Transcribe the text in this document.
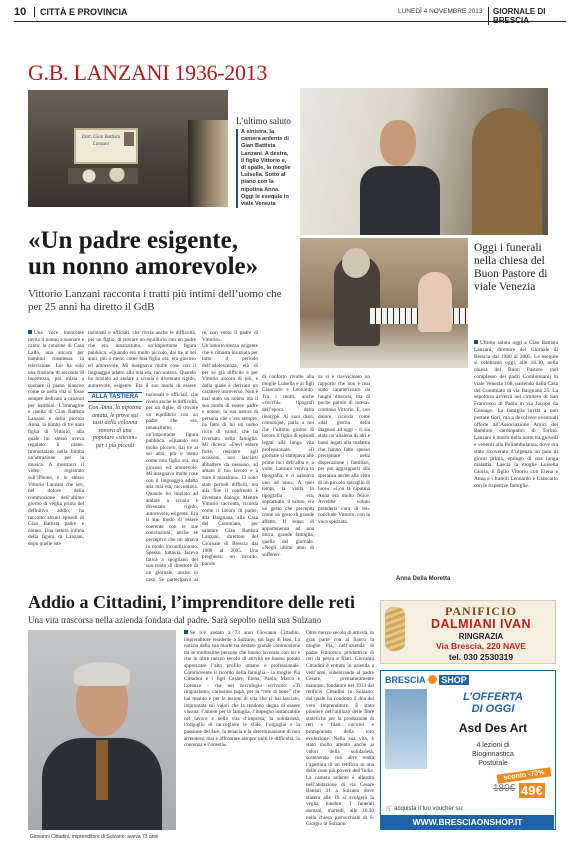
10	CITTÀ E PROVINCIA	LUNEDÌ 4 NOVEMBRE 2013	GIORNALE DI BRESCIA
G.B. LANZANI 1936-2013
Dott. Gian Battista Lanzani
L’ultimo saluto
A sinistra, la camera ardente di Gian Battista Lanzani. A destra, il figlio Vittorio e, di spalle, la moglie Luisella. Sotto al piano con la nipotina Anna. Oggi le esequie in viale Venezia
«Un padre esigente,
un nonno amorevole»
Vittorio Lanzani racconta i tratti più intimi dell’uomo che per 25 anni ha diretto il GdB
Oggi i funerali nella chiesa del Buon Pastore di viale Venezia
Ultimo saluto oggi a Gian Battista Lanzani, direttore del Giornale di Brescia dal 1980 al 2005. Le esequie si celebrano oggi, alle 10.30, nella chiesa del Buon Pastore (nel complesso dei padri Comboniani) in viale Venezia 108, partendo dalla Casa del Commiato di via Bargnana 25. La sepoltura avverrà nel cimitero di San Francesco di Paola in via Jacopo da Gussago. La famiglia invita a non portare fiori, ma a devolvere eventuali offerte all’Associazione Amici dei Bambini cardiopatici di Torino. Lanzani è morto nella notte tra giovedì e venerdì alla Poliambulanza, dove era stato ricoverato d’urgenza un paio di giorni prima, epilogo di una lunga malattia. Lascia la moglie Luisella Gioria, il figlio Vittorio con Elena e Anna e i fratelli Leonardo e Giancarlo con le rispettive famiglie.
Una voce innocente invita il nonno a suonare e canta: la canzone di Casa Lallo, una sitcom per bambini trasmessa in televisione. Lui ha solo una frazione di secondo di incertezza, poi inizia a suonare il piano biancoo come se nella vita si fosse sempre dedicato a canzoni per bambini. L’immagine è quella di Gian Battista Lanzani e della piccola Anna, la bimba di tre anni figlia di Vittorio, alla quale lui stesso aveva regalato il piano. Immortalato nella bimba un’attrazione per la musica. A mostrarci il video, registrato sull’iPhone, è lo stesso Vittorio Lanzani che ieri, nel dolore della commozione dell’ultimo giorno di veglia prima del definitivo addio, ha raccolto alcuni episodi di Gian Battista padre e nonno. Una lettura intima della figura di Lanzani, dopo quelle isti-
ALLA TASTIERA
Con Anna, la nipotina amata, le prove sui tasti della colonna sonora di una popolare «sitcom» per i più piccoli
tuzionali e ufficiali, che rivela anche le difficoltà, per un figlio, di trovare un equilibrio con un padre che era, innanzitutto, un’importante figura pubblica. «Quando ero molto piccolo, dai tre ai sei anni, più o meno come mia figlia ora, era giocoso ed amorevole. Mi insegnava molte cose con il linguaggio adatto alla mia età, raccontava. Quando ho iniziato ad andare a scuola è diventato rigido, autorevole, esigente. Era il suo modo di essere
tuzionali e ufficiali, che rivela anche le difficoltà, per un figlio, di trovare un equilibrio con un padre che era, innanzitutto, un’importante figura pubblica. «Quando ero molto piccolo, dai tre ai sei anni, più o meno come mia figlia ora, era giocoso ed amorevole. Mi insegnava molte cose con il linguaggio adatto alla mia età, raccontava. Quando ho iniziato ad andare a scuola è diventato rigido, autorevole, esigente. Era il suo modo di essere coerente con le sue convinzioni, anche se percepivo che mi amava in modo incondizionato. Spesso, tuttavia, faceva fatica a spogliarsi del suo ruolo di direttore di un giornale, anche in casa. Se partecipavo ai
re, non verso il padre di Vittorio». Un’autorevolezza esigente che è rimasta invariata per tutto il periodo dell’adolescenza, età di per sé già difficile e per Vittorio ancora di più, e dalla quale è derivato un carattere introverso. Non è mai stato un nonno ma il suo modo di essere padre e nonno, la sua natura di persona che c’era sempre, ha fatto di lui un uomo ricco di valori, che ha riversato nella famiglia. Mi diceva: «Devi essere forte, resistere agli scossoni, non lasciarti abbattere da nessuno, ad amare il tuo lavoro e a dare il massimo». Ci sono stati periodi difficili, ma alla fine il confronto è diventato dialogo. Mentre Vittorio racconta, ricorda come il lavoro di padre, alla Bargnana, alla Casa del Commiato, per salutare Gian Battista Lanzani, direttore del Giornale di Brescia dal 1980 al 2005. Una preghiera, un ricordo, parole
di conforto rivolte alla moglie Luisella e ai figli Giancarlo e Leonardo. Tra i molti, anche «vecchi» tipografi dell’epoca della linotype. Ai suoi diari, comunque, parla a noi che l’ultimo giorno di lavoro il figlio di episodi legati alla lunga vita professionale. «Il giornale si stampava alle prime luci dell’alba e, a volte, Lanzani veniva in tipografia, e ci salutava uno ad uno». A quei tempi, la visita in tipografia era, soprattutto, il saluto, era un gesto che percepiti come un gesto di grande affetto. Il senso di appartenenza ad una unica, grande famiglia, quella del giornale. «Negli ultimi anni di sofferen-
za si è riavvicinato un rapporto che non è mai stato caratterizzato da lunghi discorsi, ma di poche parole di intesa» continua Vittorio. E, con dolore, ricorda come «dal giorno della diagnosi ad oggi – vi sia stata un’altalena di alti e bassi legati alla malattia che hanno fatto spesso precipitare nella disperazione i familiari, per poi aggrapparsi alla speranza anche alla vista di un piccolo spiraglio di luce». «Con la nipotina Anna era molto felice. Avrebbe voluto prendersi cura di lei» conclude Vittorio, con la voce spezzata.
Anna Della Moretta
Addio a Cittadini, l’imprenditore delle reti
Una vita trascorsa nella azienda fondata dal padre. Sarà sepolto nella sua Sulzano
Giovanni Cittadini, imprenditore di Sulzano: aveva 73 anni
Se n’è andato a 73 anni Giovanni Cittadini, imprenditore residente a Sulzano, sul lago di Iseo. La notizia della sua morte ha destato grande commozione tra le moltissime persone che hanno lavorato con lui e che in oltre mezzo secolo di attività ne hanno potuto apprezzare l’alto profilo umano e professionale. Commovente il ricordo della famiglia - la moglie Pia Cittadini e i figli Cesare, Elena, Paola, Marco e Lorenzo - che nel necrologio scrivono: «Ti ringraziamo, carissimo papà, per la “rete di bene” che hai tessuto e per le lezioni di vita che ci hai lasciato, improntata sui valori che la rendono degna di essere vissuta: l’amore per la famiglia, l’impegno instancabile nel lavoro e nella vita d’impresa, la solidarietà, l’orgoglio di raccogliere le sfide, l’orgoglio e la passione del fare, la tenacia e la determinazione di non arrendersi mai e affrontare sempre uniti le difficoltà, la coerenza e l’onestà».
Oltre mezzo secolo di attività, in gran parte con al fianco la moglie Pia, nell’azienda di padre Francesco produttrice di reti da pesca e filati. Giovanni Cittadini è entrato in azienda a vent’anni, subentrando al padre Cesare, prematuramente mancato, fondatore nel 1933 del retificio Cittadini in Sulzano, dal quale ha condotto il dna del vero imprenditore. È stato pioniere nell’utilizzo delle fibre sintetiche per la produzione di reti e filati cucirini e protagonista della loro evoluzione. Nella sua vita, è stato molto attento anche ai valori della solidarietà, sostenendo con altre realtà l’apertura di un retificio in una delle zone più povere dell’India. La camera ardente è allestita nell’abitazione di via Cesare Battisti 31 a Sulzano dove stasera alle 19 si svolgerà la veglia funebre. I funerali domani, martedì, alle 10.30 nella chiesa parrocchiale di S. Giorgio in Sulzano.
PANIFICIO
DALMIANI IVAN
RINGRAZIA
Via Brescia, 220 NAVE
tel. 030 2530319
BRESCIA SHOP
L’OFFERTA
DI OGGI
Asd Des Art
4 lezioni di
Bioginnastica
Posturale
sconto -73%
180€ 49€
🛒 acquista il tuo voucher su:
WWW.BRESCIAONSHOP.IT
